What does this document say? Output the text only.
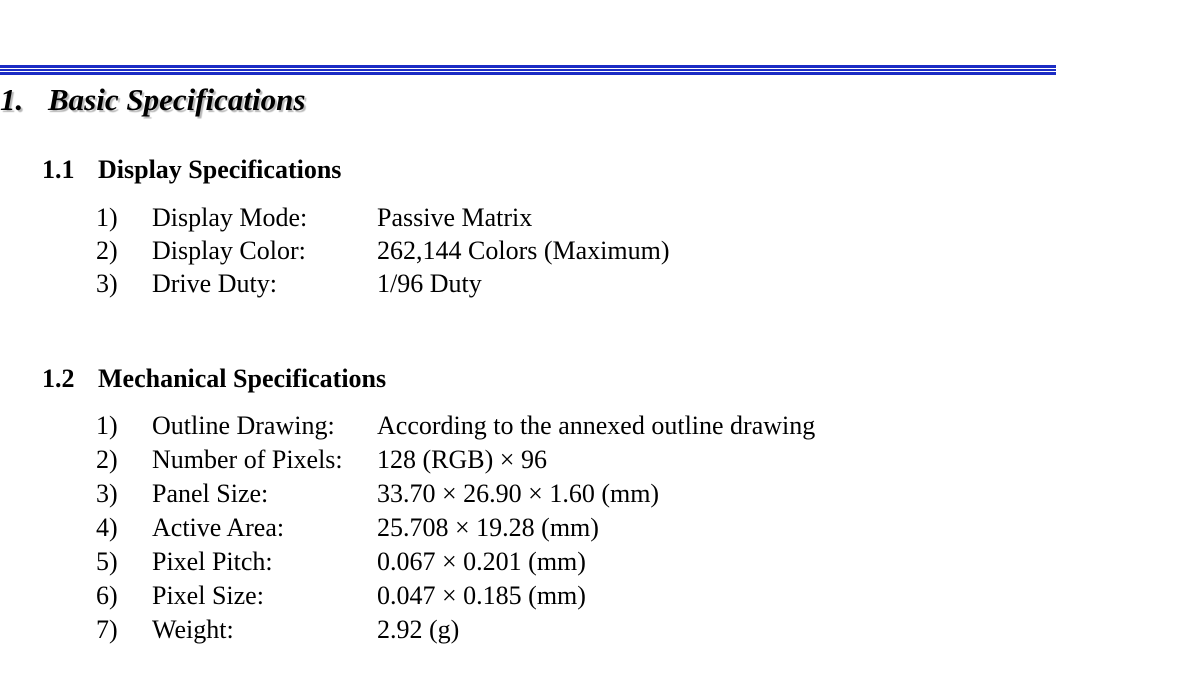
1. Basic Specifications
1.1 Display Specifications
1)	Display Mode:	Passive Matrix
2)	Display Color:	262,144 Colors (Maximum)
3)	Drive Duty:	1/96 Duty
1.2 Mechanical Specifications
1)	Outline Drawing:	According to the annexed outline drawing
2)	Number of Pixels:	128 (RGB) × 96
3)	Panel Size:	33.70 × 26.90 × 1.60 (mm)
4)	Active Area:	25.708 × 19.28 (mm)
5)	Pixel Pitch:	0.067 × 0.201 (mm)
6)	Pixel Size:	0.047 × 0.185 (mm)
7)	Weight:	2.92 (g)
